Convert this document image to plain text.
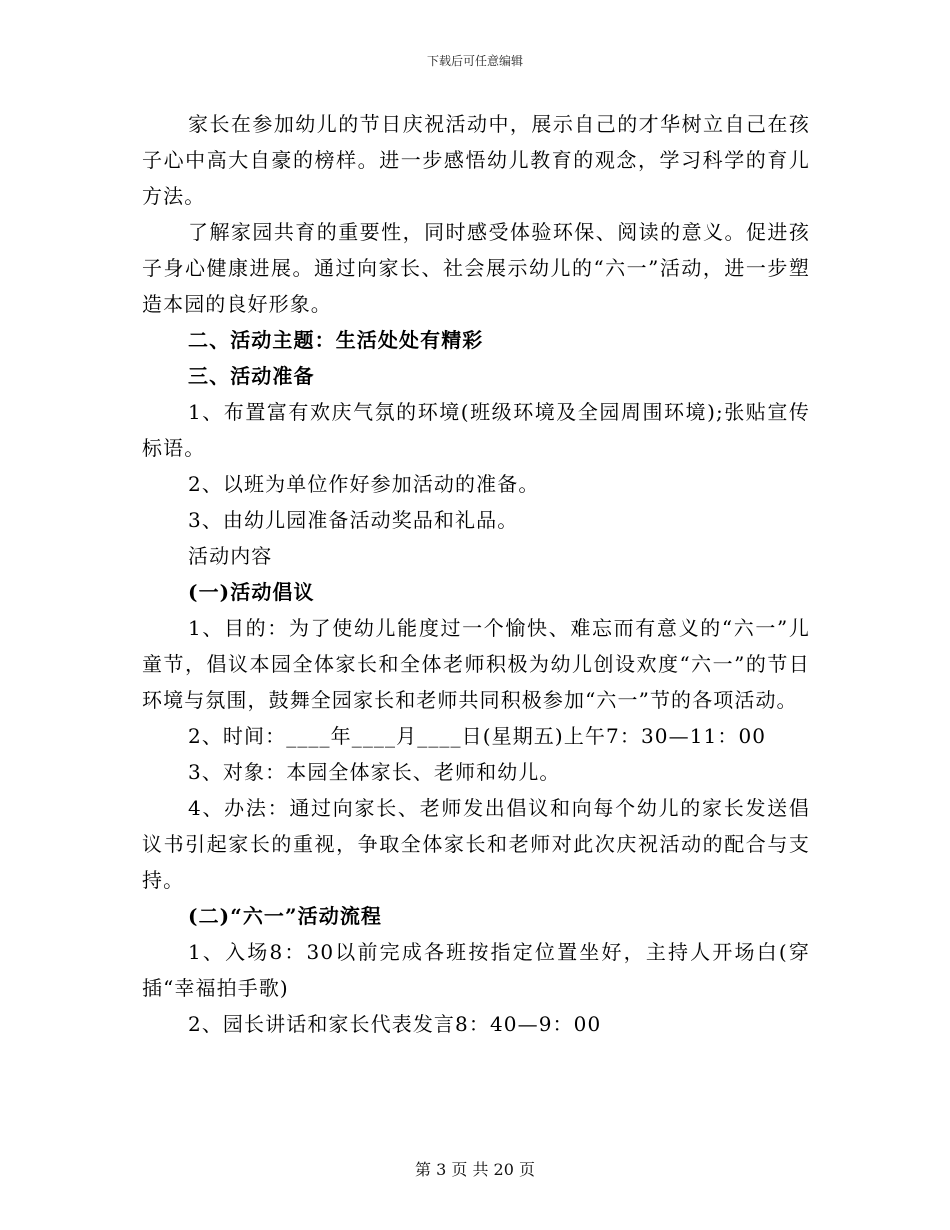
下载后可任意编辑

家长在参加幼儿的节日庆祝活动中，展示自己的才华树立自己在孩子心中高大自豪的榜样。进一步感悟幼儿教育的观念，学习科学的育儿方法。

了解家园共育的重要性，同时感受体验环保、阅读的意义。促进孩子身心健康进展。通过向家长、社会展示幼儿的“六一”活动，进一步塑造本园的良好形象。

二、活动主题：生活处处有精彩

三、活动准备

1、布置富有欢庆气氛的环境(班级环境及全园周围环境);张贴宣传标语。

2、以班为单位作好参加活动的准备。

3、由幼儿园准备活动奖品和礼品。

活动内容

(一)活动倡议

1、目的：为了使幼儿能度过一个愉快、难忘而有意义的“六一”儿童节，倡议本园全体家长和全体老师积极为幼儿创设欢度“六一”的节日环境与氛围，鼓舞全园家长和老师共同积极参加“六一”节的各项活动。

2、时间：____年____月____日(星期五)上午7：30—11：00

3、对象：本园全体家长、老师和幼儿。

4、办法：通过向家长、老师发出倡议和向每个幼儿的家长发送倡议书引起家长的重视，争取全体家长和老师对此次庆祝活动的配合与支持。

(二)“六一”活动流程

1、入场8：30以前完成各班按指定位置坐好，主持人开场白(穿插“幸福拍手歌)

2、园长讲话和家长代表发言8：40—9：00

第 3 页 共 20 页
